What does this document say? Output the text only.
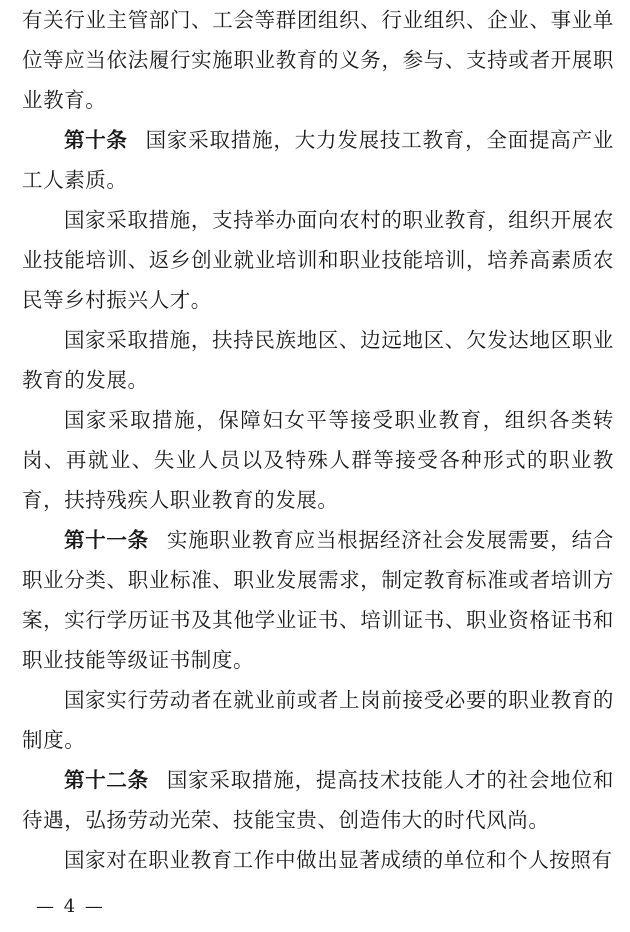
有关行业主管部门、工会等群团组织、行业组织、企业、事业单位等应当依法履行实施职业教育的义务，参与、支持或者开展职业教育。

第十条 国家采取措施，大力发展技工教育，全面提高产业工人素质。

国家采取措施，支持举办面向农村的职业教育，组织开展农业技能培训、返乡创业就业培训和职业技能培训，培养高素质农民等乡村振兴人才。

国家采取措施，扶持民族地区、边远地区、欠发达地区职业教育的发展。

国家采取措施，保障妇女平等接受职业教育，组织各类转岗、再就业、失业人员以及特殊人群等接受各种形式的职业教育，扶持残疾人职业教育的发展。

第十一条 实施职业教育应当根据经济社会发展需要，结合职业分类、职业标准、职业发展需求，制定教育标准或者培训方案，实行学历证书及其他学业证书、培训证书、职业资格证书和职业技能等级证书制度。

国家实行劳动者在就业前或者上岗前接受必要的职业教育的制度。

第十二条 国家采取措施，提高技术技能人才的社会地位和待遇，弘扬劳动光荣、技能宝贵、创造伟大的时代风尚。

国家对在职业教育工作中做出显著成绩的单位和个人按照有

— 4 —
